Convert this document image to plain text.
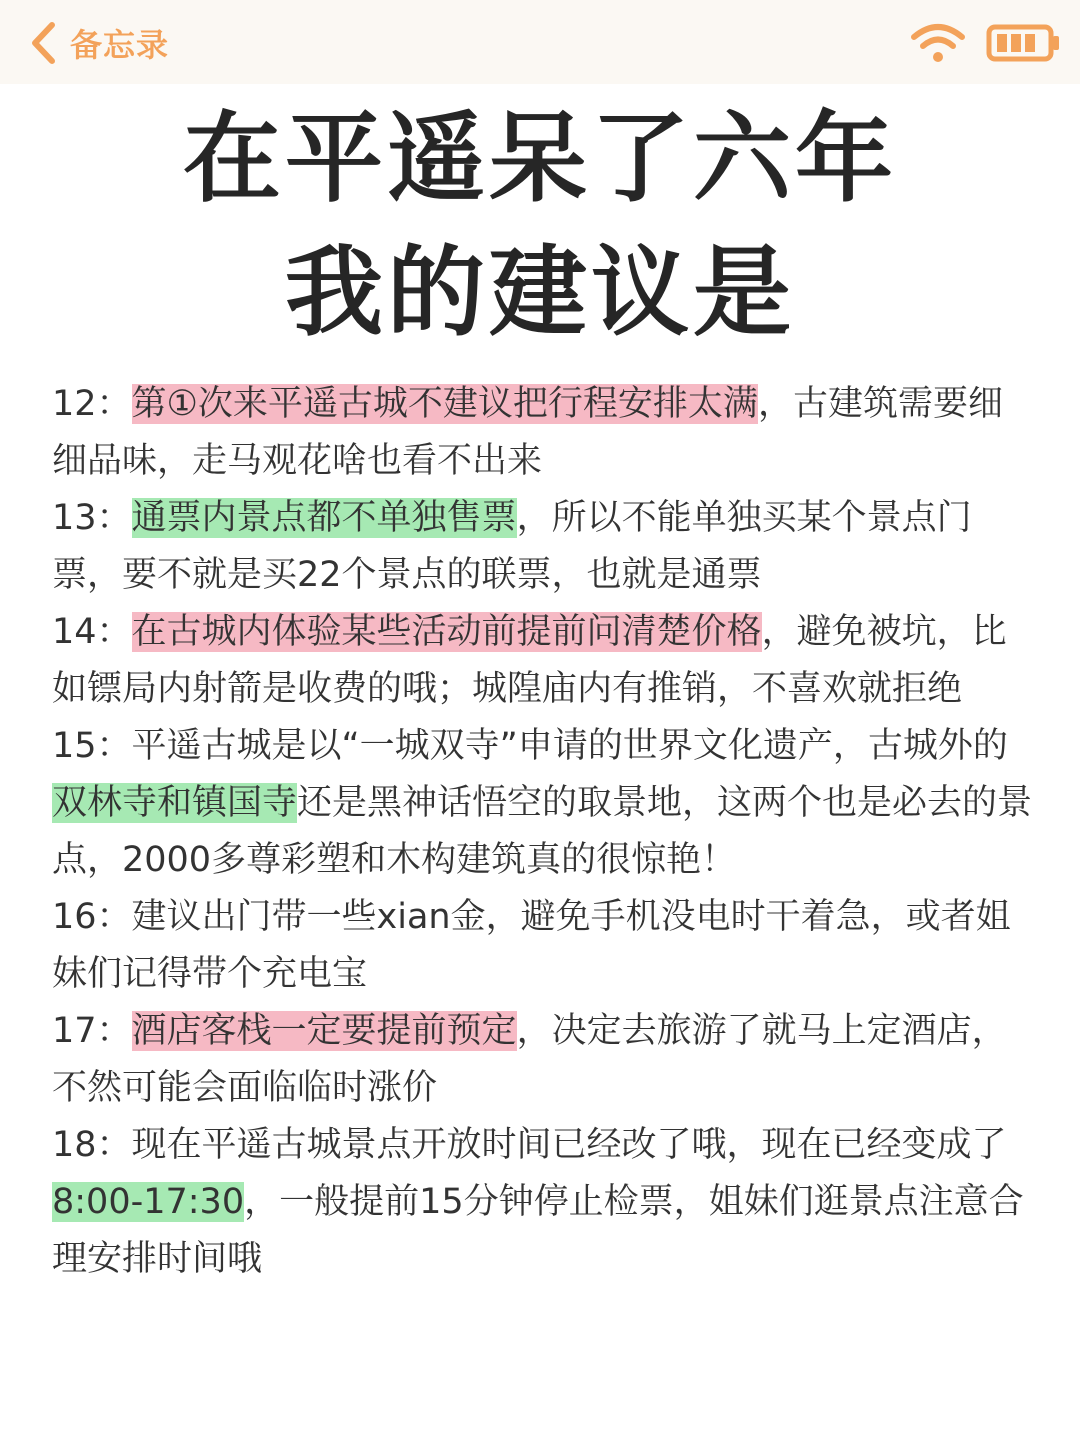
备忘录
在平遥呆了六年
我的建议是

12：第①次来平遥古城不建议把行程安排太满，古建筑需要细细品味，走马观花啥也看不出来

13：通票内景点都不单独售票，所以不能单独买某个景点门票，要不就是买22个景点的联票，也就是通票

14：在古城内体验某些活动前提前问清楚价格，避免被坑，比如镖局内射箭是收费的哦；城隍庙内有推销，不喜欢就拒绝

15：平遥古城是以“一城双寺”申请的世界文化遗产，古城外的双林寺和镇国寺还是黑神话悟空的取景地，这两个也是必去的景点，2000多尊彩塑和木构建筑真的很惊艳！

16：建议出门带一些xian金，避免手机没电时干着急，或者姐妹们记得带个充电宝

17：酒店客栈一定要提前预定，决定去旅游了就马上定酒店，不然可能会面临临时涨价

18：现在平遥古城景点开放时间已经改了哦，现在已经变成了8:00-17:30，一般提前15分钟停止检票，姐妹们逛景点注意合理安排时间哦
